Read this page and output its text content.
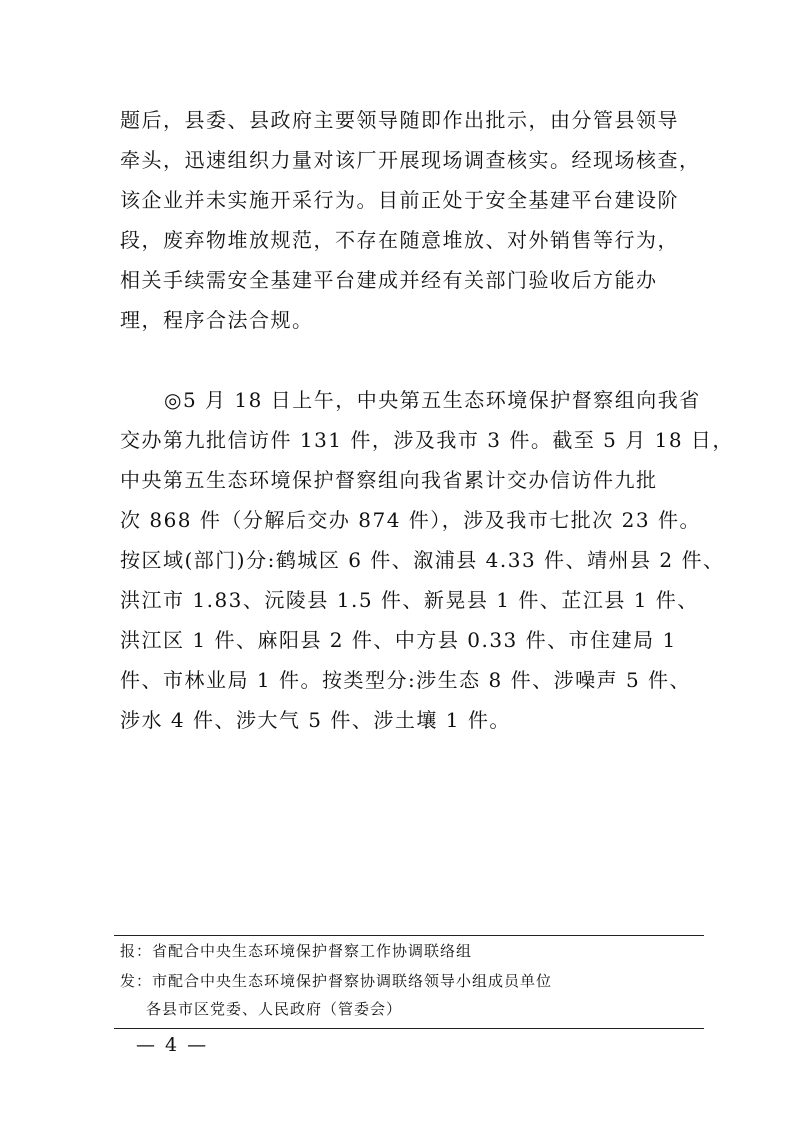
题后，县委、县政府主要领导随即作出批示，由分管县领导
牵头，迅速组织力量对该厂开展现场调查核实。经现场核查，
该企业并未实施开采行为。目前正处于安全基建平台建设阶
段，废弃物堆放规范，不存在随意堆放、对外销售等行为，
相关手续需安全基建平台建成并经有关部门验收后方能办
理，程序合法合规。
◎5 月 18 日上午，中央第五生态环境保护督察组向我省
交办第九批信访件 131 件，涉及我市 3 件。截至 5 月 18 日，
中央第五生态环境保护督察组向我省累计交办信访件九批
次 868 件（分解后交办 874 件），涉及我市七批次 23 件。
按区域(部门)分:鹤城区 6 件、溆浦县 4.33 件、靖州县 2 件、
洪江市 1.83、沅陵县 1.5 件、新晃县 1 件、芷江县 1 件、
洪江区 1 件、麻阳县 2 件、中方县 0.33 件、市住建局 1
件、市林业局 1 件。按类型分:涉生态 8 件、涉噪声 5 件、
涉水 4 件、涉大气 5 件、涉土壤 1 件。
报：省配合中央生态环境保护督察工作协调联络组
发：市配合中央生态环境保护督察协调联络领导小组成员单位
各县市区党委、人民政府（管委会）
— 4 —
